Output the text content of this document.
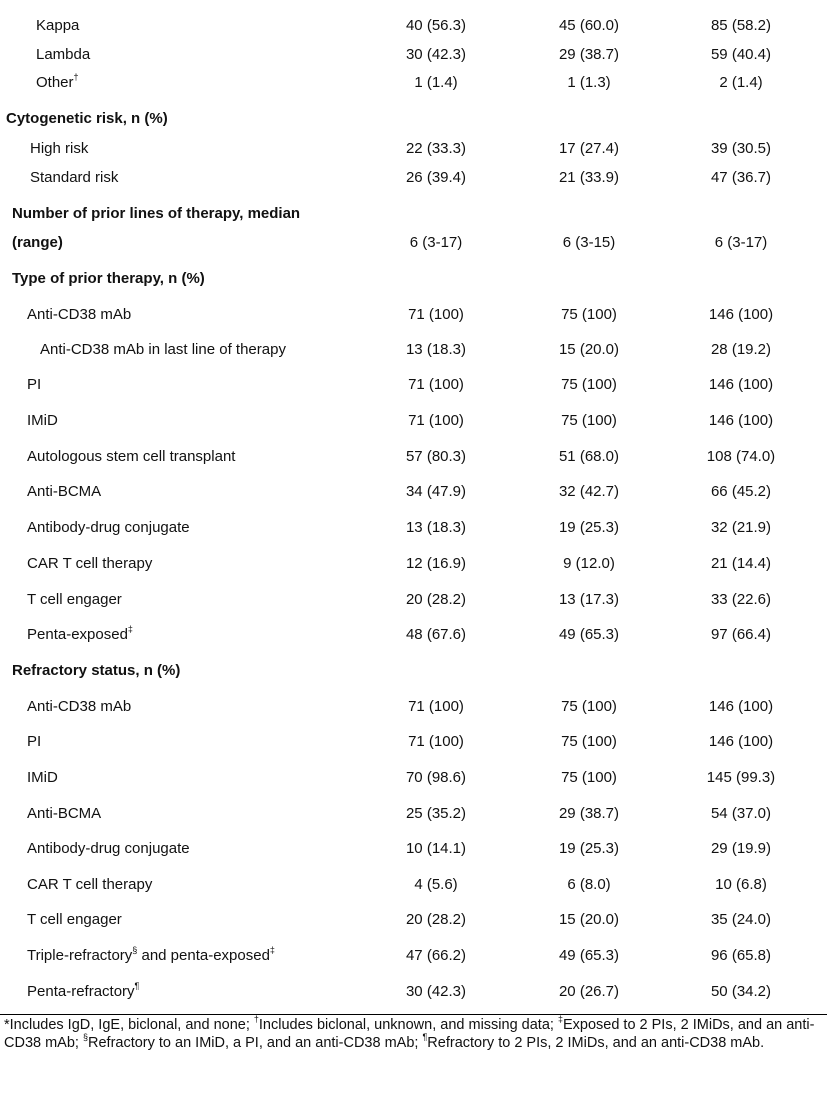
Kappa	40 (56.3)	45 (60.0)	85 (58.2)
Lambda	30 (42.3)	29 (38.7)	59 (40.4)
Other†	1 (1.4)	1 (1.3)	2 (1.4)
Cytogenetic risk, n (%)
High risk	22 (33.3)	17 (27.4)	39 (30.5)
Standard risk	26 (39.4)	21 (33.9)	47 (36.7)
Number of prior lines of therapy, median
(range)	6 (3-17)	6 (3-15)	6 (3-17)
Type of prior therapy, n (%)
Anti-CD38 mAb	71 (100)	75 (100)	146 (100)
Anti-CD38 mAb in last line of therapy	13 (18.3)	15 (20.0)	28 (19.2)
PI	71 (100)	75 (100)	146 (100)
IMiD	71 (100)	75 (100)	146 (100)
Autologous stem cell transplant	57 (80.3)	51 (68.0)	108 (74.0)
Anti-BCMA	34 (47.9)	32 (42.7)	66 (45.2)
Antibody-drug conjugate	13 (18.3)	19 (25.3)	32 (21.9)
CAR T cell therapy	12 (16.9)	9 (12.0)	21 (14.4)
T cell engager	20 (28.2)	13 (17.3)	33 (22.6)
Penta-exposed‡	48 (67.6)	49 (65.3)	97 (66.4)
Refractory status, n (%)
Anti-CD38 mAb	71 (100)	75 (100)	146 (100)
PI	71 (100)	75 (100)	146 (100)
IMiD	70 (98.6)	75 (100)	145 (99.3)
Anti-BCMA	25 (35.2)	29 (38.7)	54 (37.0)
Antibody-drug conjugate	10 (14.1)	19 (25.3)	29 (19.9)
CAR T cell therapy	4 (5.6)	6 (8.0)	10 (6.8)
T cell engager	20 (28.2)	15 (20.0)	35 (24.0)
Triple-refractory§ and penta-exposed‡	47 (66.2)	49 (65.3)	96 (65.8)
Penta-refractory¶	30 (42.3)	20 (26.7)	50 (34.2)
*Includes IgD, IgE, biclonal, and none; †Includes biclonal, unknown, and missing data; ‡Exposed to 2 PIs, 2 IMiDs, and an anti-CD38 mAb; §Refractory to an IMiD, a PI, and an anti-CD38 mAb; ¶Refractory to 2 PIs, 2 IMiDs, and an anti-CD38 mAb.
